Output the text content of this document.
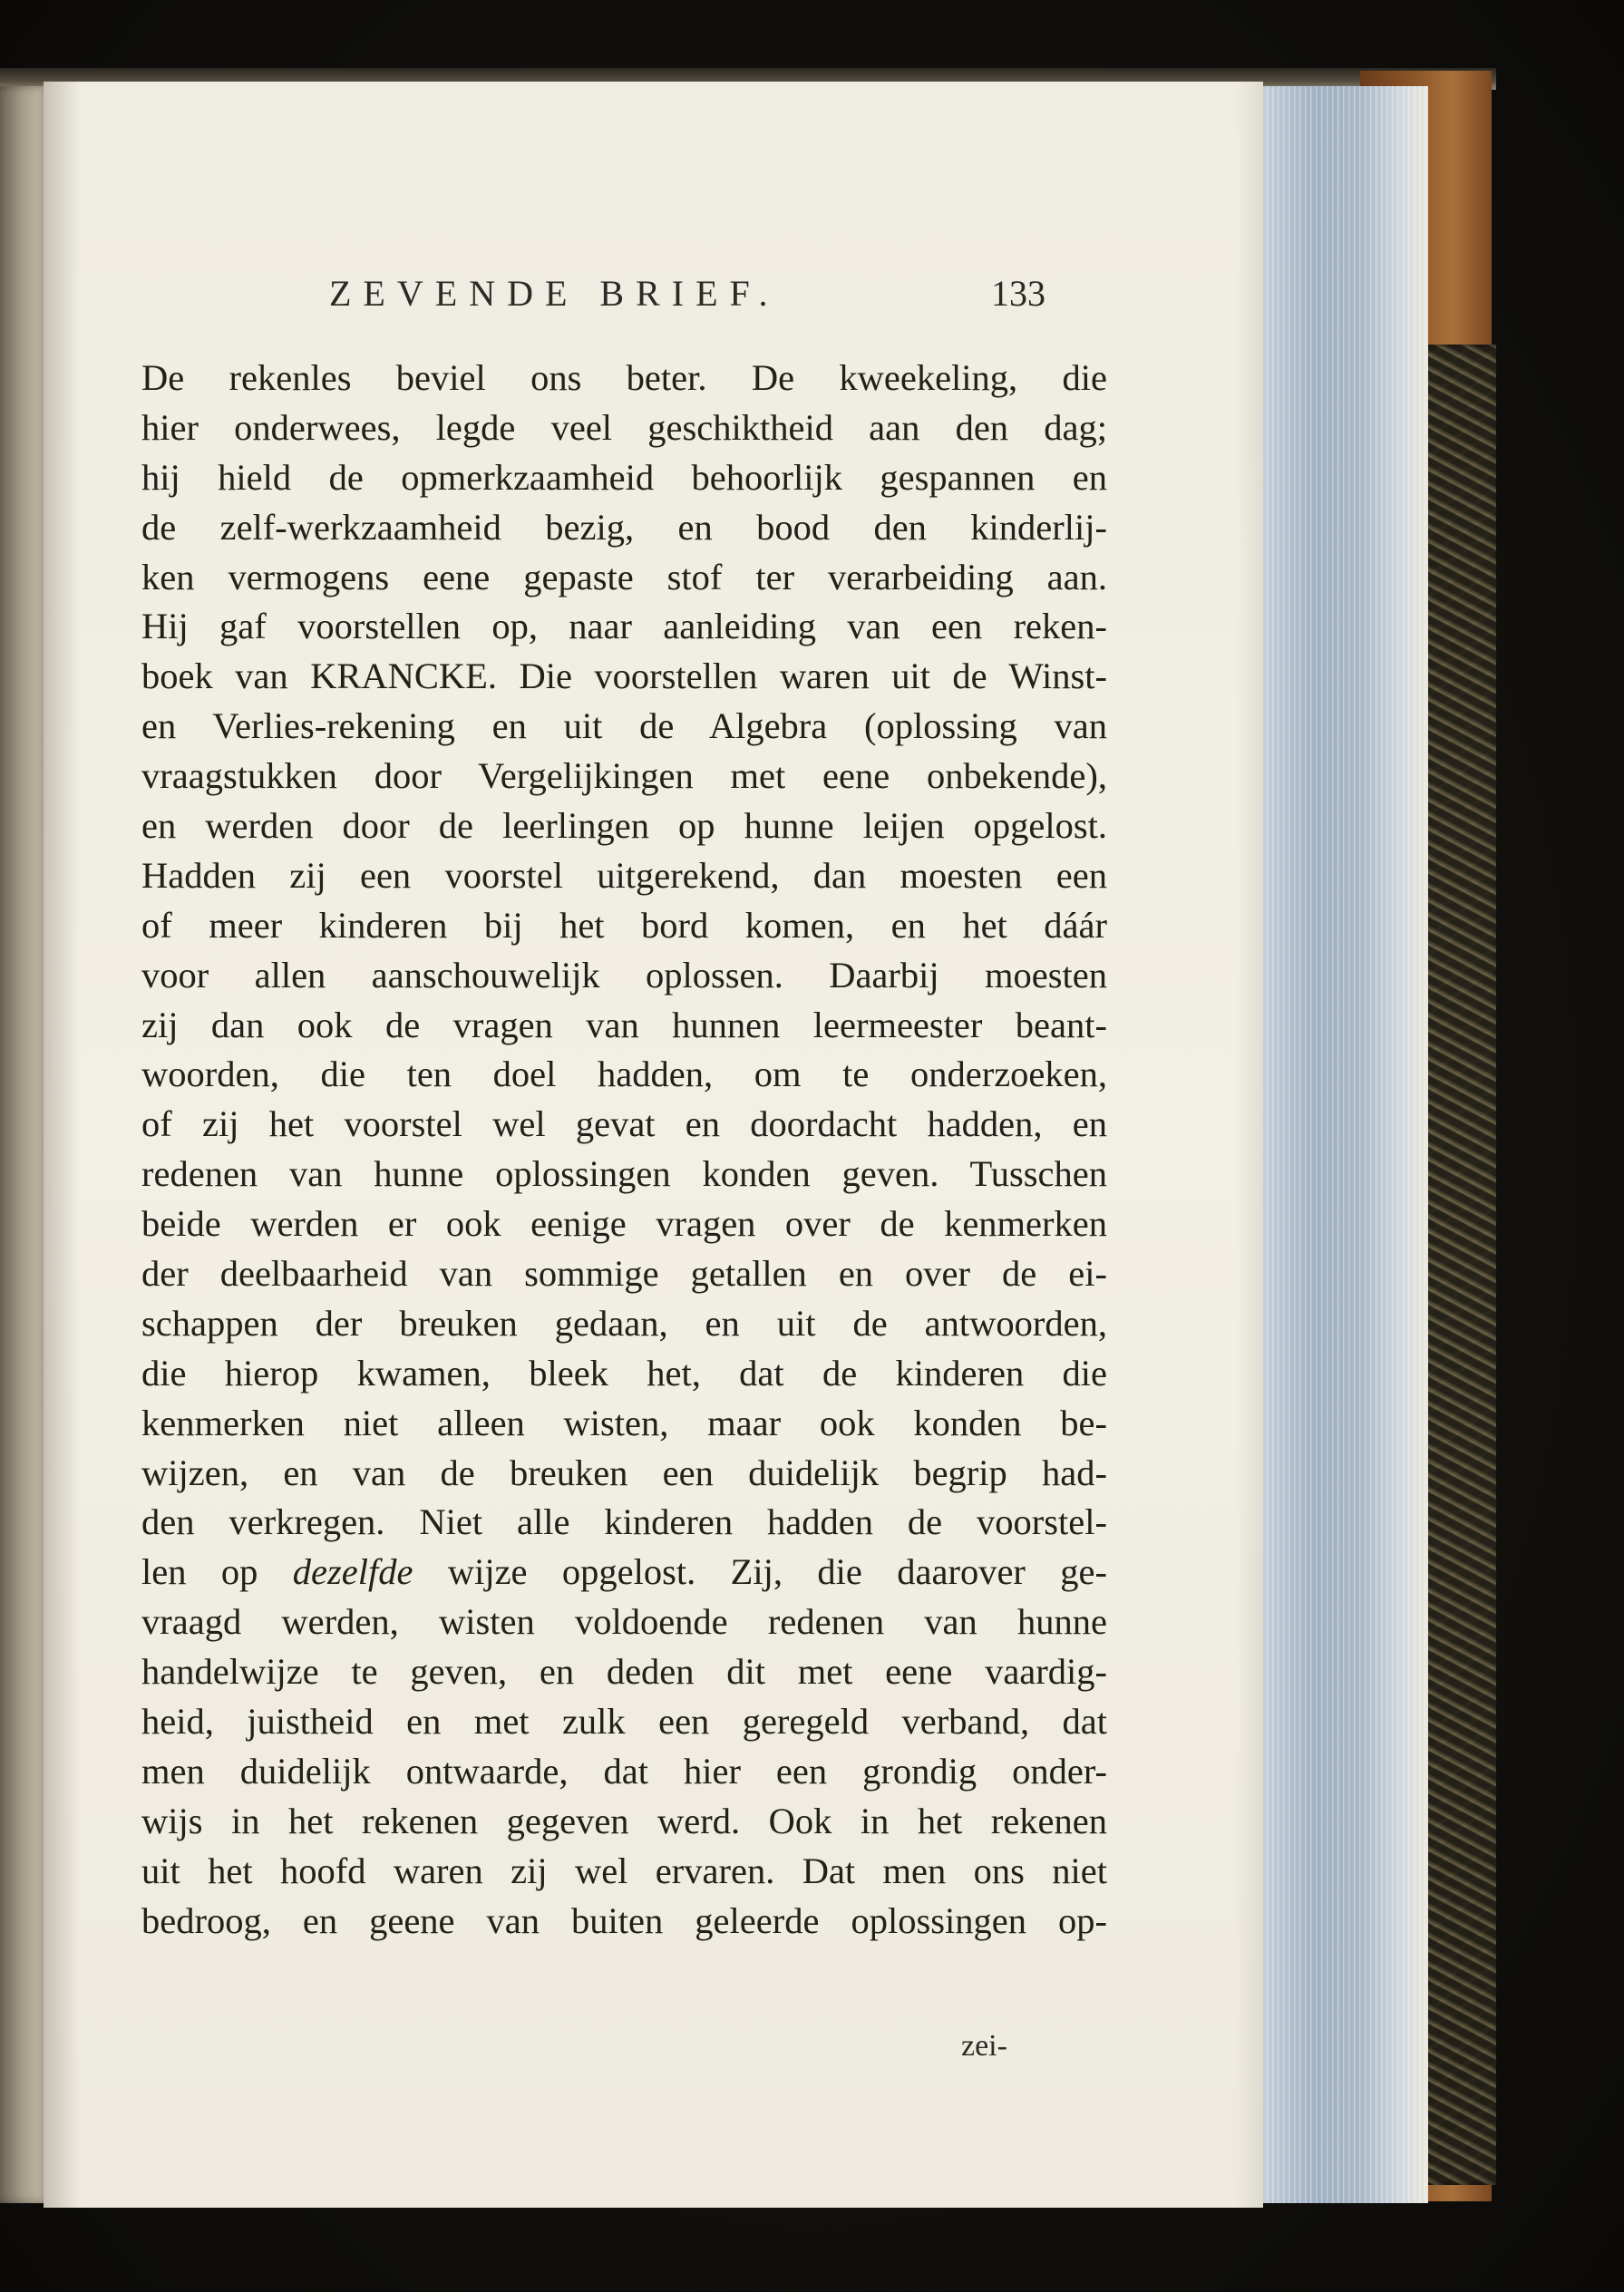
ZEVENDE BRIEF.	133
De rekenles beviel ons beter. De kweekeling, die
hier onderwees, legde veel geschiktheid aan den dag;
hij hield de opmerkzaamheid behoorlijk gespannen en
de zelf-werkzaamheid bezig, en bood den kinderlij-
ken vermogens eene gepaste stof ter verarbeiding aan.
Hij gaf voorstellen op, naar aanleiding van een reken-
boek van KRANCKE. Die voorstellen waren uit de Winst-
en Verlies-rekening en uit de Algebra (oplossing van
vraagstukken door Vergelijkingen met eene onbekende),
en werden door de leerlingen op hunne leijen opgelost.
Hadden zij een voorstel uitgerekend, dan moesten een
of meer kinderen bij het bord komen, en het dáár
voor allen aanschouwelijk oplossen. Daarbij moesten
zij dan ook de vragen van hunnen leermeester beant-
woorden, die ten doel hadden, om te onderzoeken,
of zij het voorstel wel gevat en doordacht hadden, en
redenen van hunne oplossingen konden geven. Tusschen
beide werden er ook eenige vragen over de kenmerken
der deelbaarheid van sommige getallen en over de ei-
schappen der breuken gedaan, en uit de antwoorden,
die hierop kwamen, bleek het, dat de kinderen die
kenmerken niet alleen wisten, maar ook konden be-
wijzen, en van de breuken een duidelijk begrip had-
den verkregen. Niet alle kinderen hadden de voorstel-
len op dezelfde wijze opgelost. Zij, die daarover ge-
vraagd werden, wisten voldoende redenen van hunne
handelwijze te geven, en deden dit met eene vaardig-
heid, juistheid en met zulk een geregeld verband, dat
men duidelijk ontwaarde, dat hier een grondig onder-
wijs in het rekenen gegeven werd. Ook in het rekenen
uit het hoofd waren zij wel ervaren. Dat men ons niet
bedroog, en geene van buiten geleerde oplossingen op-
zei-
